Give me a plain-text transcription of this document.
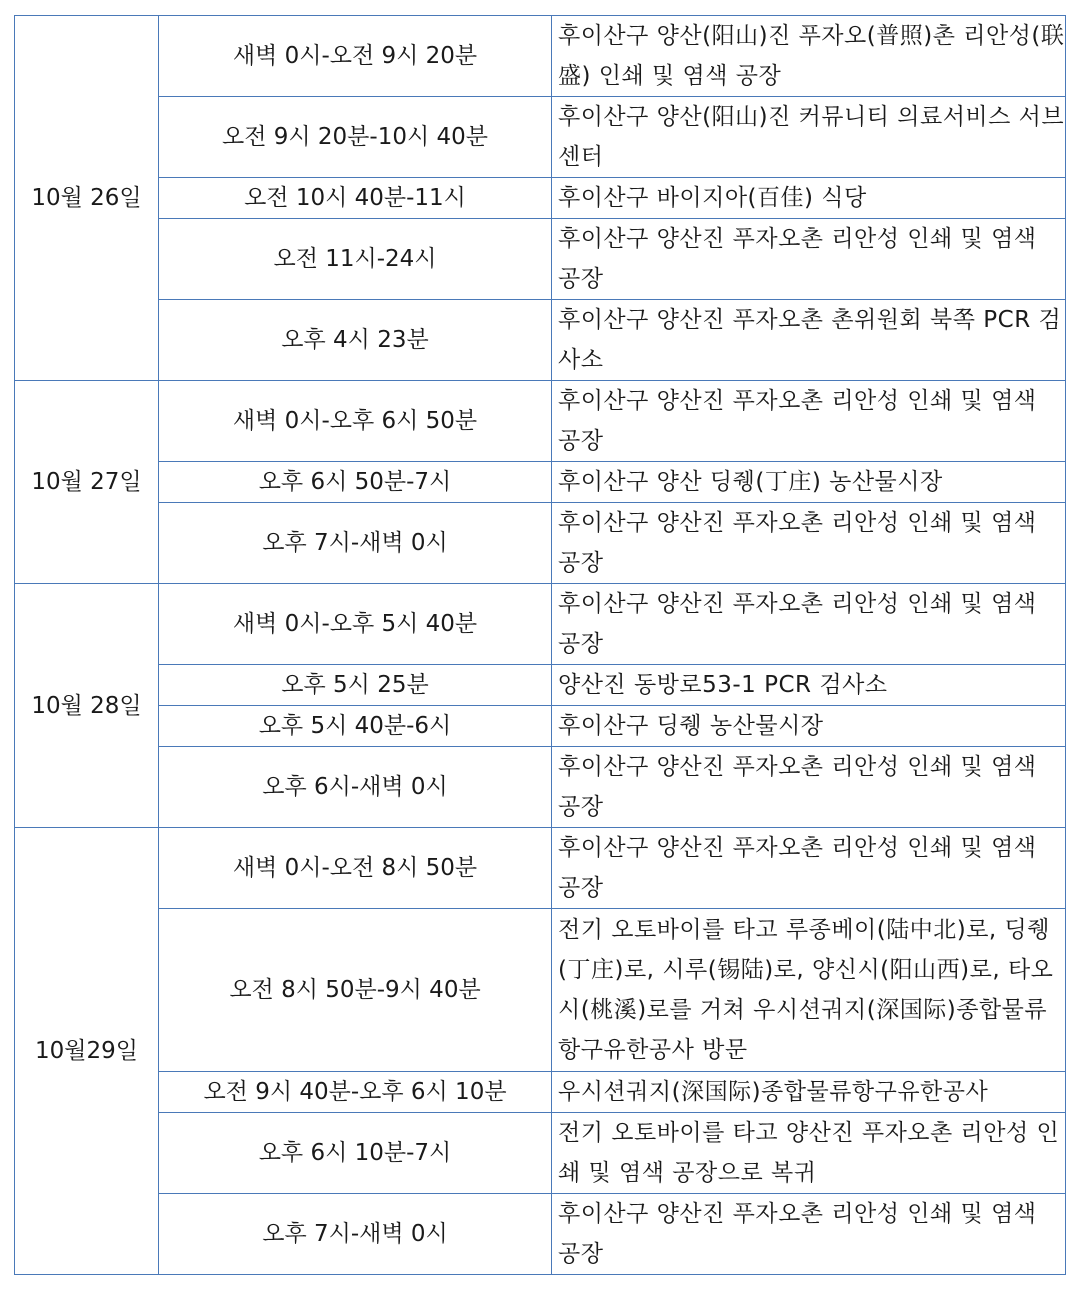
10월 26일	새벽 0시-오전 9시 20분	후이산구 양산(阳山)진 푸자오(普照)촌 리안성(联盛) 인쇄 및 염색 공장
	오전 9시 20분-10시 40분	후이산구 양산(阳山)진 커뮤니티 의료서비스 서브센터
	오전 10시 40분-11시	후이산구 바이지아(百佳) 식당
	오전 11시-24시	후이산구 양산진 푸자오촌 리안성 인쇄 및 염색 공장
	오후 4시 23분	후이산구 양산진 푸자오촌 촌위원회 북쪽 PCR 검사소
10월 27일	새벽 0시-오후 6시 50분	후이산구 양산진 푸자오촌 리안성 인쇄 및 염색 공장
	오후 6시 50분-7시	후이산구 양산 딩쥉(丁庄) 농산물시장
	오후 7시-새벽 0시	후이산구 양산진 푸자오촌 리안성 인쇄 및 염색 공장
10월 28일	새벽 0시-오후 5시 40분	후이산구 양산진 푸자오촌 리안성 인쇄 및 염색 공장
	오후 5시 25분	양산진 동방로53-1 PCR 검사소
	오후 5시 40분-6시	후이산구 딩쥉 농산물시장
	오후 6시-새벽 0시	후이산구 양산진 푸자오촌 리안성 인쇄 및 염색 공장
10월29일	새벽 0시-오전 8시 50분	후이산구 양산진 푸자오촌 리안성 인쇄 및 염색 공장
	오전 8시 50분-9시 40분	전기 오토바이를 타고 루종베이(陆中北)로, 딩쥉(丁庄)로, 시루(锡陆)로, 양신시(阳山西)로, 타오시(桃溪)로를 거쳐 우시션궈지(深国际)종합물류항구유한공사 방문
	오전 9시 40분-오후 6시 10분	우시션궈지(深国际)종합물류항구유한공사
	오후 6시 10분-7시	전기 오토바이를 타고 양산진 푸자오촌 리안성 인쇄 및 염색 공장으로 복귀
	오후 7시-새벽 0시	후이산구 양산진 푸자오촌 리안성 인쇄 및 염색 공장
